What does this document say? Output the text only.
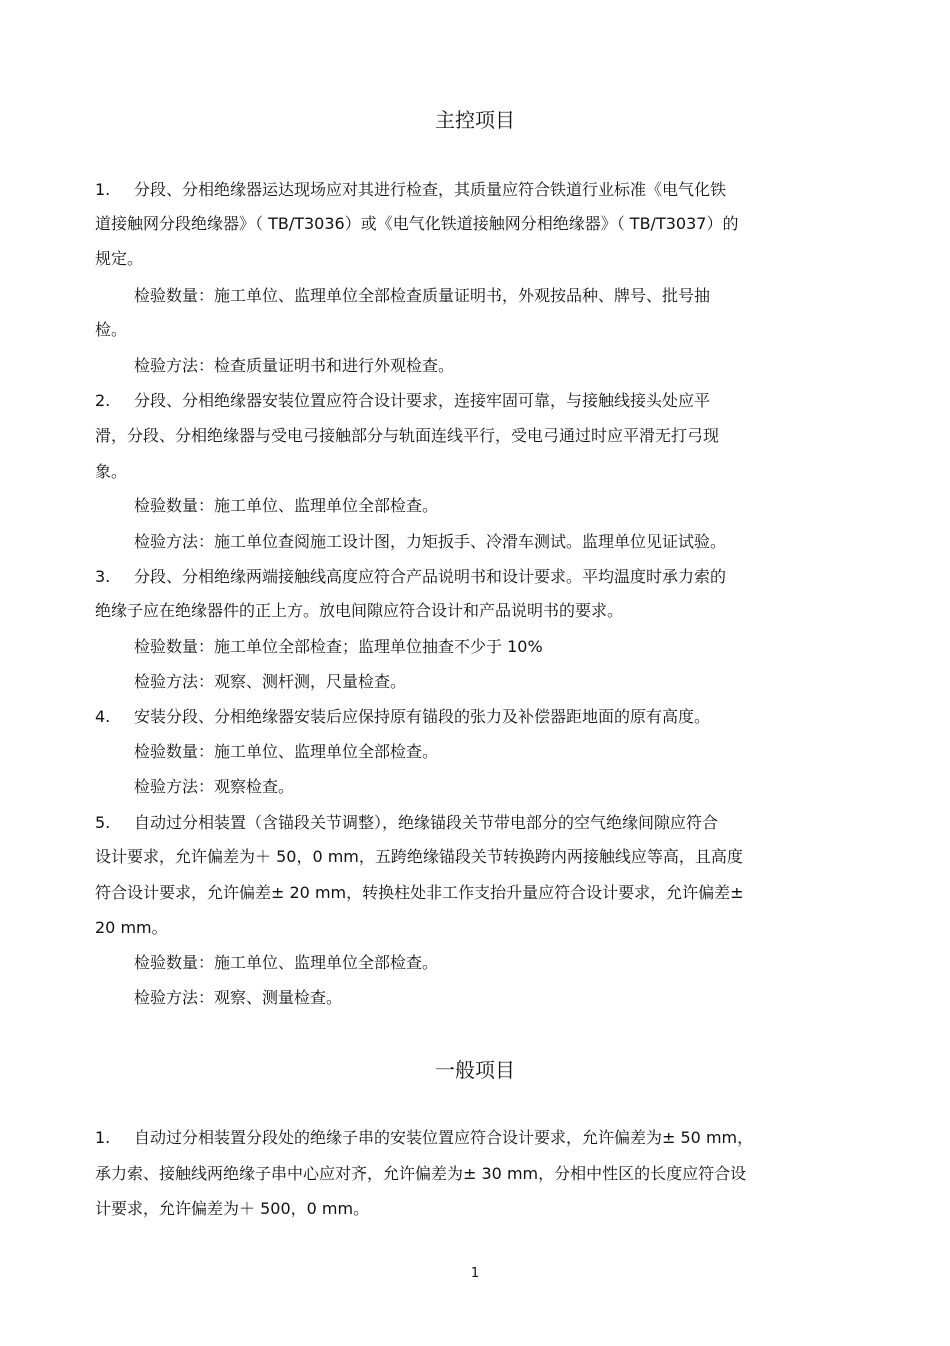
主控项目
1. 分段、分相绝缘器运达现场应对其进行检查，其质量应符合铁道行业标准《电气化铁
道接触网分段绝缘器》（ TB/T3036）或《电气化铁道接触网分相绝缘器》（ TB/T3037）的
规定。
检验数量：施工单位、监理单位全部检查质量证明书，外观按品种、牌号、批号抽
检。
检验方法：检查质量证明书和进行外观检查。
2. 分段、分相绝缘器安装位置应符合设计要求，连接牢固可靠，与接触线接头处应平
滑，分段、分相绝缘器与受电弓接触部分与轨面连线平行，受电弓通过时应平滑无打弓现
象。
检验数量：施工单位、监理单位全部检查。
检验方法：施工单位查阅施工设计图，力矩扳手、冷滑车测试。监理单位见证试验。
3. 分段、分相绝缘两端接触线高度应符合产品说明书和设计要求。平均温度时承力索的
绝缘子应在绝缘器件的正上方。放电间隙应符合设计和产品说明书的要求。
检验数量：施工单位全部检查；监理单位抽查不少于 10%
检验方法：观察、测杆测，尺量检查。
4. 安装分段、分相绝缘器安装后应保持原有锚段的张力及补偿器距地面的原有高度。
检验数量：施工单位、监理单位全部检查。
检验方法：观察检查。
5. 自动过分相装置（含锚段关节调整），绝缘锚段关节带电部分的空气绝缘间隙应符合
设计要求，允许偏差为＋ 50，0 mm，五跨绝缘锚段关节转换跨内两接触线应等高，且高度
符合设计要求，允许偏差± 20 mm，转换柱处非工作支抬升量应符合设计要求，允许偏差±
20 mm。
检验数量：施工单位、监理单位全部检查。
检验方法：观察、测量检查。
一般项目
1. 自动过分相装置分段处的绝缘子串的安装位置应符合设计要求，允许偏差为± 50 mm，
承力索、接触线两绝缘子串中心应对齐，允许偏差为± 30 mm，分相中性区的长度应符合设
计要求，允许偏差为＋ 500，0 mm。
1
